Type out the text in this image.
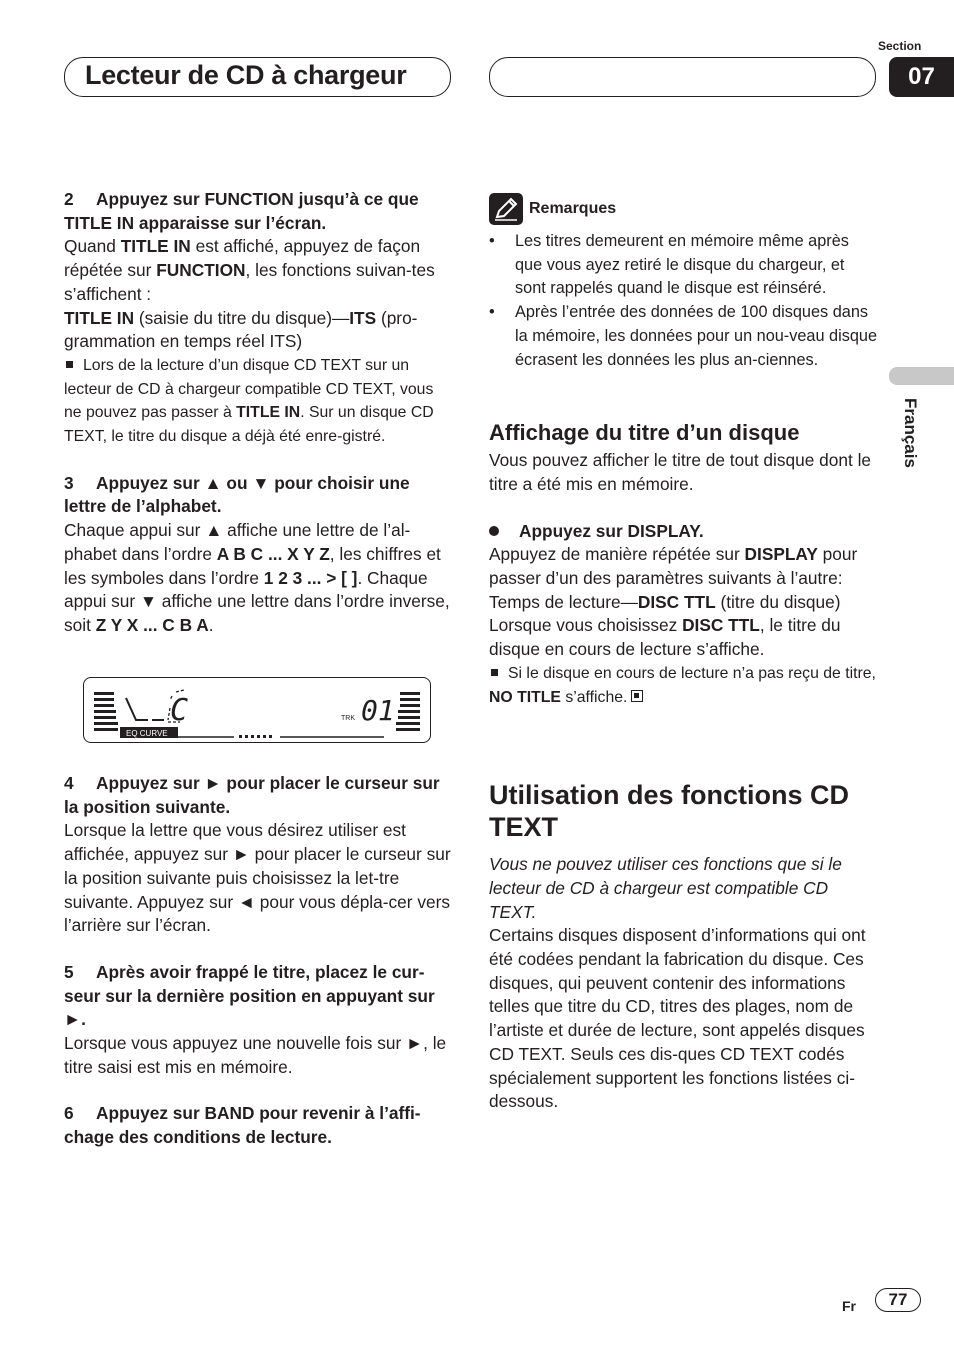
Lecteur de CD à chargeur
Section
07
Français

2 Appuyez sur FUNCTION jusqu’à ce que TITLE IN apparaisse sur l’écran.

Quand TITLE IN est affiché, appuyez de façon répétée sur FUNCTION, les fonctions suivan-tes s’affichent :

TITLE IN (saisie du titre du disque)—ITS (pro-grammation en temps réel ITS)

Lors de la lecture d’un disque CD TEXT sur un lecteur de CD à chargeur compatible CD TEXT, vous ne pouvez pas passer à TITLE IN. Sur un disque CD TEXT, le titre du disque a déjà été enre-gistré.

3 Appuyez sur ▲ ou ▼ pour choisir une lettre de l’alphabet.

Chaque appui sur ▲ affiche une lettre de l’al-phabet dans l’ordre A B C ... X Y Z, les chiffres et les symboles dans l’ordre 1 2 3 ... > [ ]. Chaque appui sur ▼ affiche une lettre dans l’ordre inverse, soit Z Y X ... C B A.

EQ CURVE
C	TRK 01

4 Appuyez sur ► pour placer le curseur sur la position suivante.

Lorsque la lettre que vous désirez utiliser est affichée, appuyez sur ► pour placer le curseur sur la position suivante puis choisissez la let-tre suivante. Appuyez sur ◄ pour vous dépla-cer vers l’arrière sur l’écran.

5 Après avoir frappé le titre, placez le cur-seur sur la dernière position en appuyant sur ►.

Lorsque vous appuyez une nouvelle fois sur ►, le titre saisi est mis en mémoire.

6 Appuyez sur BAND pour revenir à l’affi-chage des conditions de lecture.

Remarques
• Les titres demeurent en mémoire même après que vous ayez retiré le disque du chargeur, et sont rappelés quand le disque est réinséré.
• Après l’entrée des données de 100 disques dans la mémoire, les données pour un nou-veau disque écrasent les données les plus an-ciennes.
Affichage du titre d’un disque

Vous pouvez afficher le titre de tout disque dont le titre a été mis en mémoire.

Appuyez sur DISPLAY.

Appuyez de manière répétée sur DISPLAY pour passer d’un des paramètres suivants à l’autre:

Temps de lecture—DISC TTL (titre du disque)

Lorsque vous choisissez DISC TTL, le titre du disque en cours de lecture s’affiche.

Si le disque en cours de lecture n’a pas reçu de titre, NO TITLE s’affiche.

Utilisation des fonctions CD TEXT

Vous ne pouvez utiliser ces fonctions que si le lecteur de CD à chargeur est compatible CD TEXT.

Certains disques disposent d’informations qui ont été codées pendant la fabrication du disque. Ces disques, qui peuvent contenir des informations telles que titre du CD, titres des plages, nom de l’artiste et durée de lecture, sont appelés disques CD TEXT. Seuls ces dis-ques CD TEXT codés spécialement supportent les fonctions listées ci-dessous.

Fr	77
